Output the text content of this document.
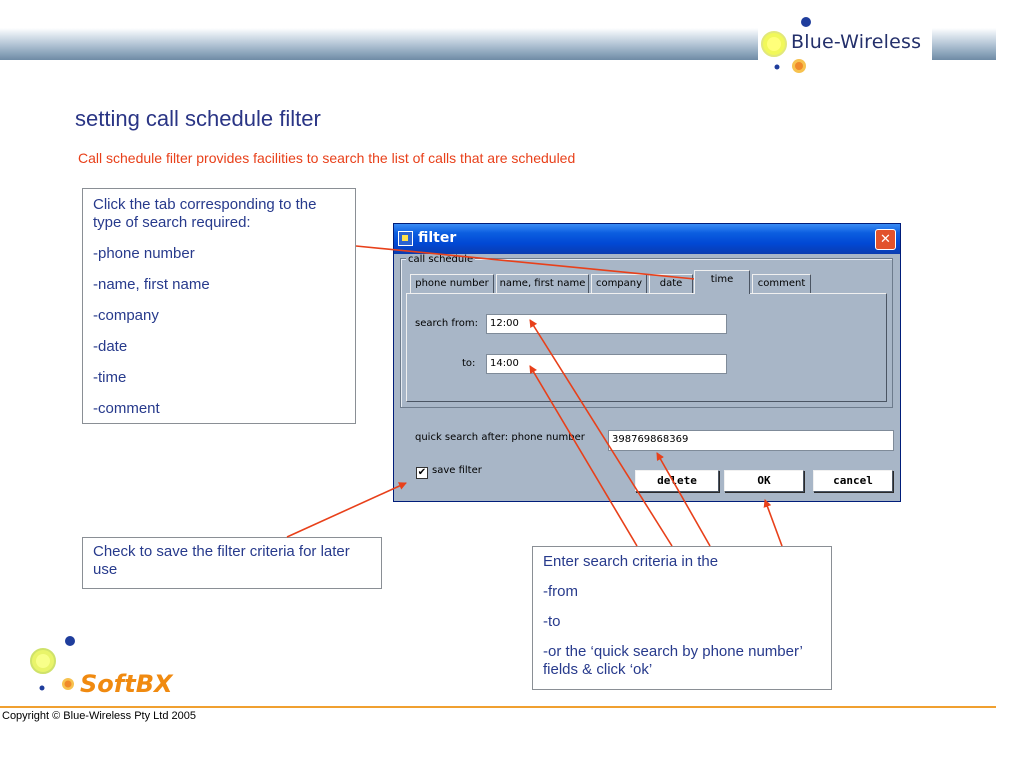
Blue-Wireless
setting call schedule filter
Call schedule filter provides facilities to search the list of calls that are scheduled

Click the tab corresponding to the type of search required:

-phone number

-name, first name

-company

-date

-time

-comment

Check to save the filter criteria for later use	Enter search criteria in the

-from

-to

-or the ‘quick search by phone number’ fields & click ‘ok’

filter	✕
call schedule
phone number	name, first name	company	date	time	comment
search from:	12:00
to:	14:00
quick search after: phone number	398769868369
✔ save filter
delete	OK	cancel
SoftBX
Copyright © Blue-Wireless Pty Ltd 2005
